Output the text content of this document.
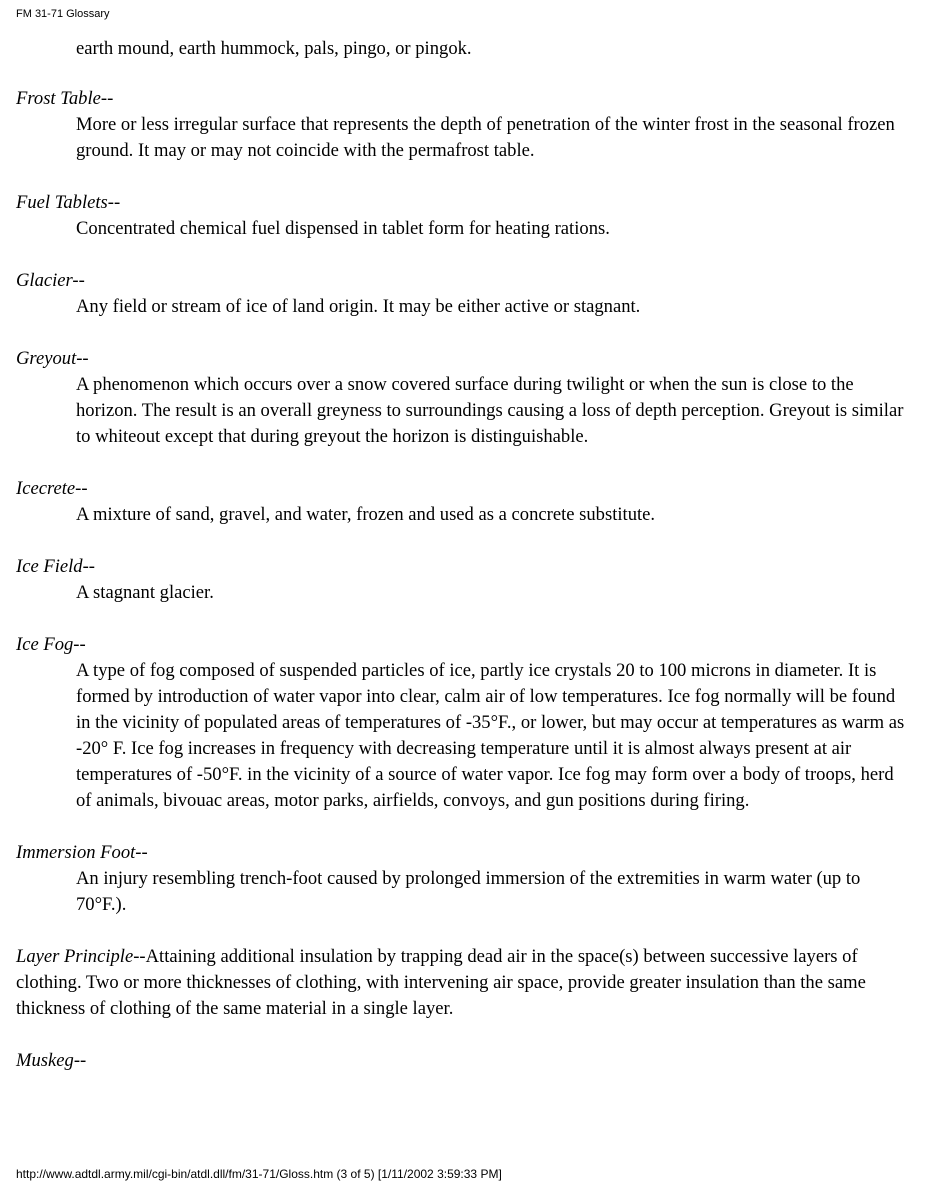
FM 31-71 Glossary
earth mound, earth hummock, pals, pingo, or pingok.
Frost Table--
More or less irregular surface that represents the depth of penetration of the winter frost in the seasonal frozen ground. It may or may not coincide with the permafrost table.
Fuel Tablets--
Concentrated chemical fuel dispensed in tablet form for heating rations.
Glacier--
Any field or stream of ice of land origin. It may be either active or stagnant.
Greyout--
A phenomenon which occurs over a snow covered surface during twilight or when the sun is close to the horizon. The result is an overall greyness to surroundings causing a loss of depth perception. Greyout is similar to whiteout except that during greyout the horizon is distinguishable.
Icecrete--
A mixture of sand, gravel, and water, frozen and used as a concrete substitute.
Ice Field--
A stagnant glacier.
Ice Fog--
A type of fog composed of suspended particles of ice, partly ice crystals 20 to 100 microns in diameter. It is formed by introduction of water vapor into clear, calm air of low temperatures. Ice fog normally will be found in the vicinity of populated areas of temperatures of -35°F., or lower, but may occur at temperatures as warm as -20° F. Ice fog increases in frequency with decreasing temperature until it is almost always present at air temperatures of -50°F. in the vicinity of a source of water vapor. Ice fog may form over a body of troops, herd of animals, bivouac areas, motor parks, airfields, convoys, and gun positions during firing.
Immersion Foot--
An injury resembling trench-foot caused by prolonged immersion of the extremities in warm water (up to 70°F.).
Layer Principle--Attaining additional insulation by trapping dead air in the space(s) between successive layers of clothing. Two or more thicknesses of clothing, with intervening air space, provide greater insulation than the same thickness of clothing of the same material in a single layer.
Muskeg--
http://www.adtdl.army.mil/cgi-bin/atdl.dll/fm/31-71/Gloss.htm (3 of 5) [1/11/2002 3:59:33 PM]
